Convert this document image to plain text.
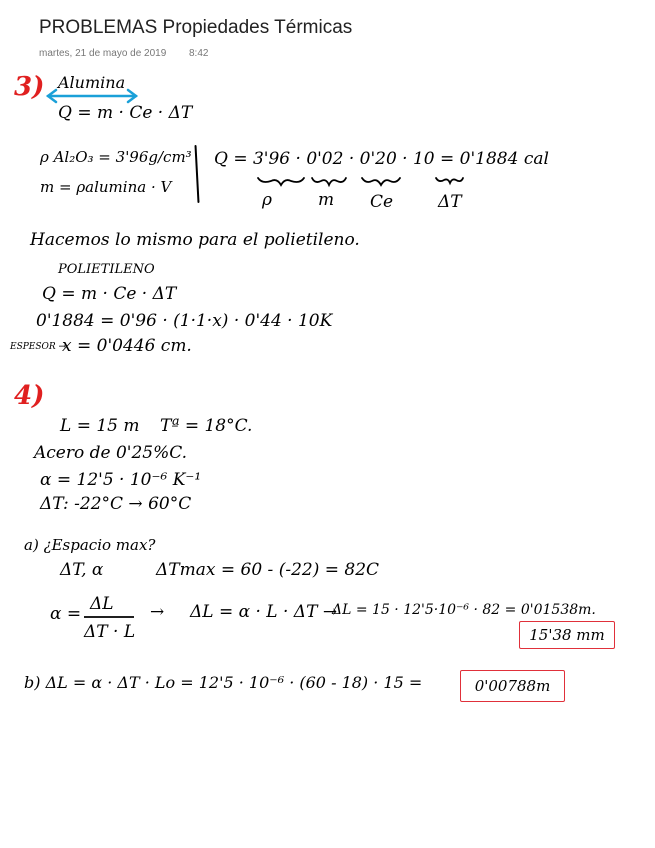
PROBLEMAS Propiedades Térmicas
martes, 21 de mayo de 2019 8:42
3) Alumina
Q = m · Ce · ΔT
ρ Al₂O₃ = 3'96g/cm³
m = ρalumina · V
Q = 3'96 · 0'02 · 0'20 · 10 = 0'1884 cal
ρ	m Ce	ΔT
Hacemos lo mismo para el polietileno.
POLIETILENO
Q = m · Ce · ΔT
0'1884 = 0'96 · (1·1·x) · 0'44 · 10K
ESPESOR →
x = 0'0446 cm.
4)
L = 15 m Tª = 18°C.
Acero de 0'25%C.
α = 12'5 · 10⁻⁶ K⁻¹
ΔT: -22°C → 60°C
a) ¿Espacio max?
ΔT, α	ΔTmax = 60 - (-22) = 82C
α = ΔL
ΔT · L
→ ΔL = α · L · ΔT →
ΔL = 15 · 12'5·10⁻⁶ · 82 = 0'01538m.
15'38 mm
b) ΔL = α · ΔT · Lo = 12'5 · 10⁻⁶ · (60 - 18) · 15 =	0'00788m
